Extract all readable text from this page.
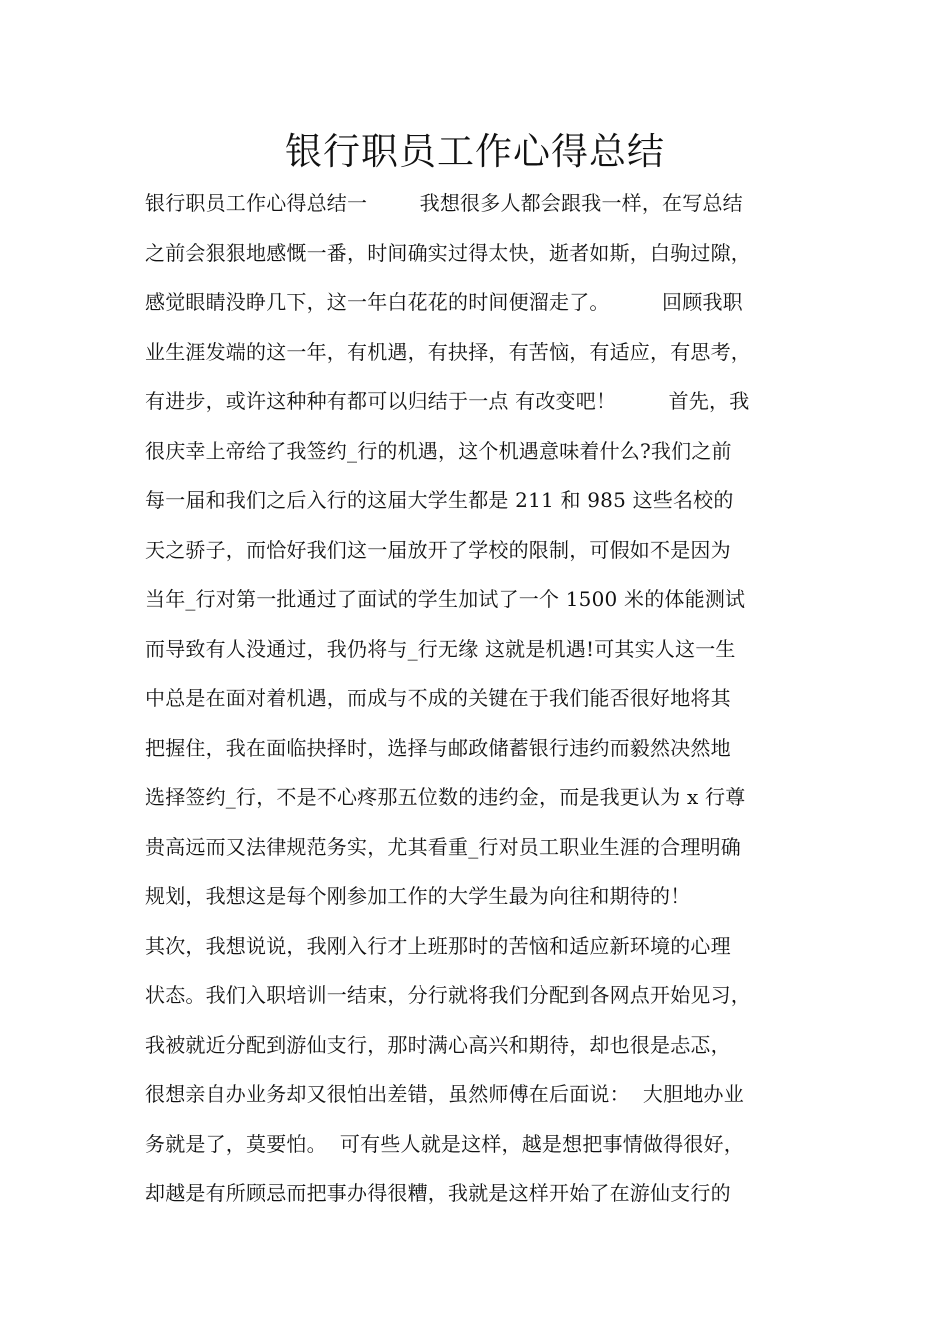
银行职员工作心得总结
银行职员工作心得总结一        我想很多人都会跟我一样，在写总结
之前会狠狠地感慨一番，时间确实过得太快，逝者如斯，白驹过隙，
感觉眼睛没睁几下，这一年白花花的时间便溜走了。        回顾我职
业生涯发端的这一年，有机遇，有抉择，有苦恼，有适应，有思考，
有进步，或许这种种有都可以归结于一点 有改变吧！        首先，我
很庆幸上帝给了我签约_行的机遇，这个机遇意味着什么?我们之前
每一届和我们之后入行的这届大学生都是 211 和 985 这些名校的
天之骄子，而恰好我们这一届放开了学校的限制，可假如不是因为
当年_行对第一批通过了面试的学生加试了一个 1500 米的体能测试
而导致有人没通过，我仍将与_行无缘 这就是机遇!可其实人这一生
中总是在面对着机遇，而成与不成的关键在于我们能否很好地将其
把握住，我在面临抉择时，选择与邮政储蓄银行违约而毅然决然地
选择签约_行，不是不心疼那五位数的违约金，而是我更认为 x 行尊
贵高远而又法律规范务实，尤其看重_行对员工职业生涯的合理明确
规划，我想这是每个刚参加工作的大学生最为向往和期待的！
其次，我想说说，我刚入行才上班那时的苦恼和适应新环境的心理
状态。我们入职培训一结束，分行就将我们分配到各网点开始见习，
我被就近分配到游仙支行，那时满心高兴和期待，却也很是忐忑，
很想亲自办业务却又很怕出差错，虽然师傅在后面说：  大胆地办业
务就是了，莫要怕。  可有些人就是这样，越是想把事情做得很好，
却越是有所顾忌而把事办得很糟，我就是这样开始了在游仙支行的
